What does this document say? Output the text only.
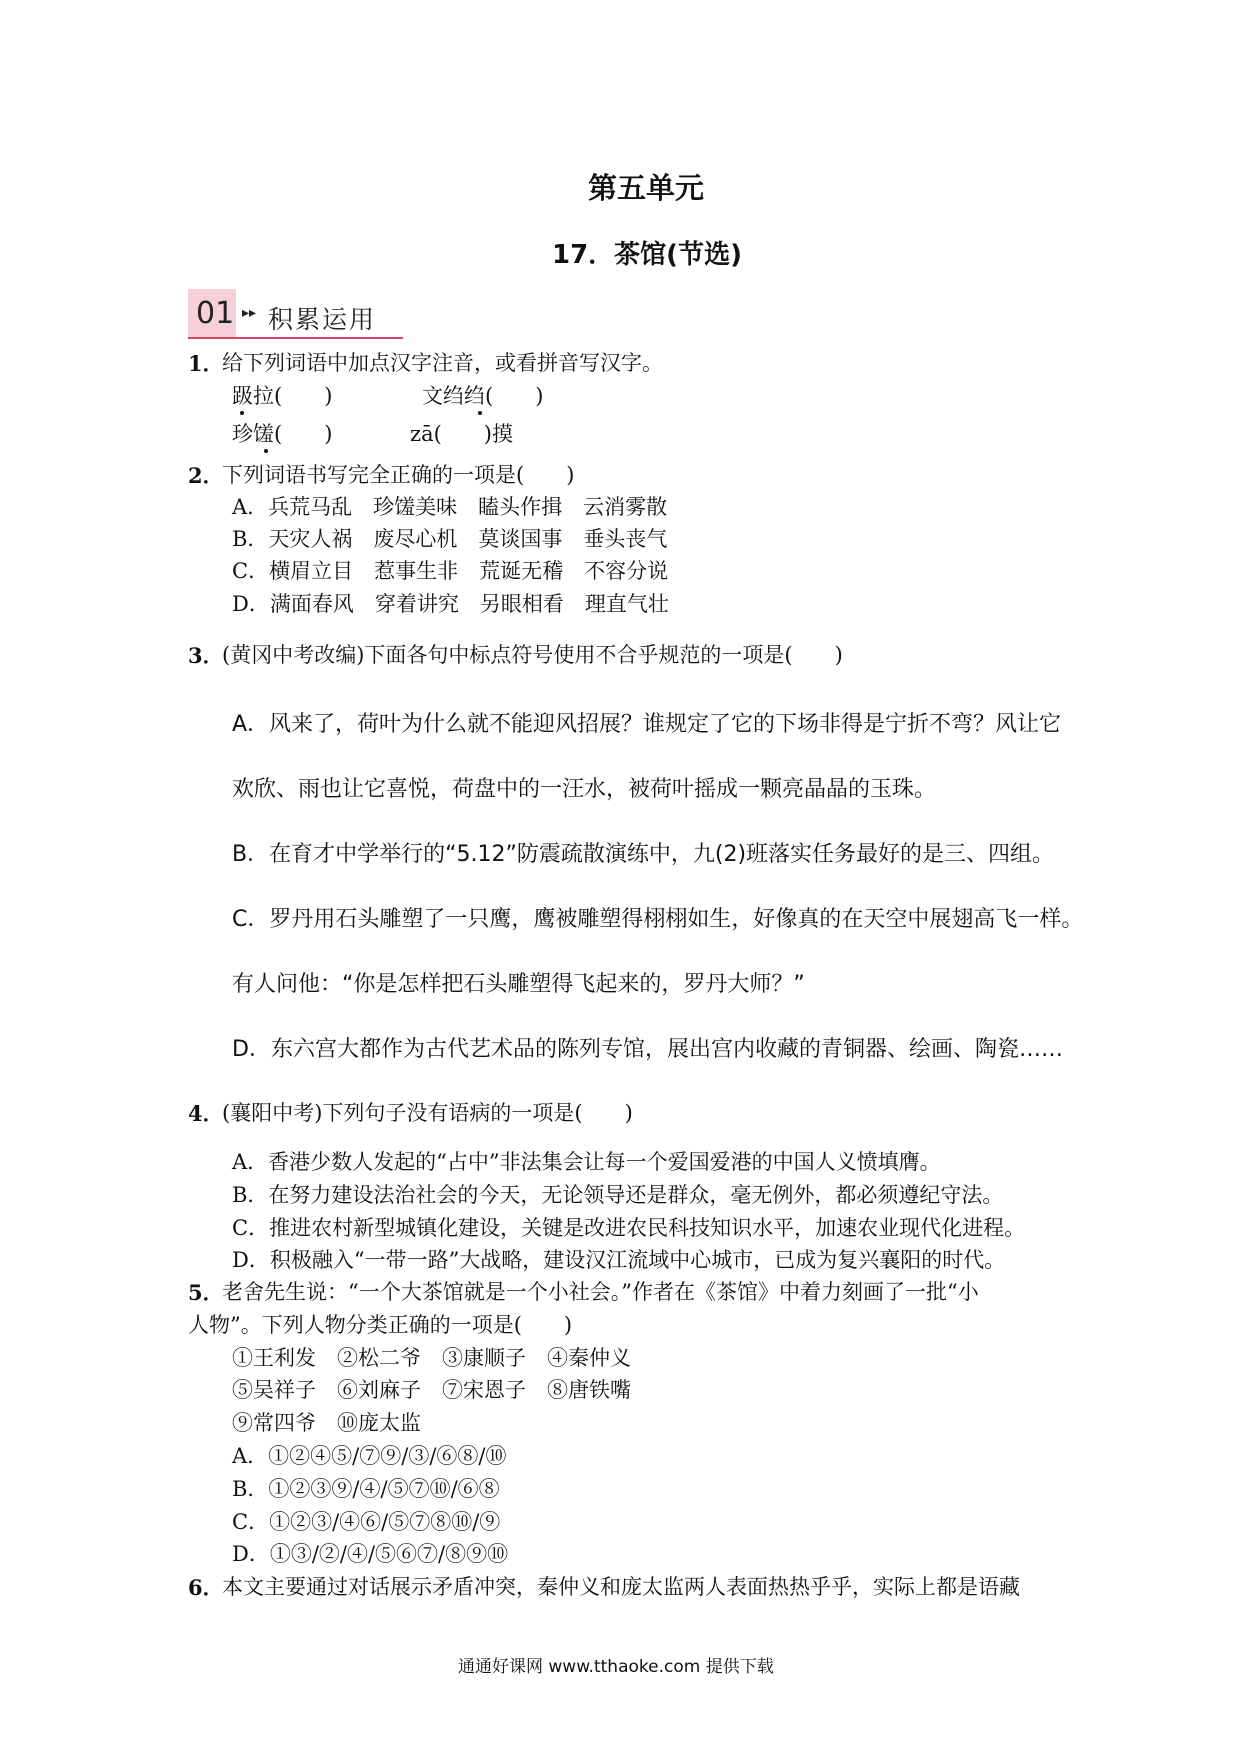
第五单元
17．茶馆(节选)
01 ▸▸ 积累运用
1．
给下列词语中加点汉字注音，或看拼音写汉字。
趿拉(　　)	文绉绉(　　)
珍馐(　　)	zā(　　)摸
2．
下列词语书写完全正确的一项是(　　)
A．兵荒马乱　珍馐美味　瞌头作揖　云消雾散
B．天灾人祸　废尽心机　莫谈国事　垂头丧气
C．横眉立目　惹事生非　荒诞无稽　不容分说
D．满面春风　穿着讲究　另眼相看　理直气壮
3．
(黄冈中考改编)下面各句中标点符号使用不合乎规范的一项是(　　)
A．风来了，荷叶为什么就不能迎风招展？谁规定了它的下场非得是宁折不弯？风让它
欢欣、雨也让它喜悦，荷盘中的一汪水，被荷叶摇成一颗亮晶晶的玉珠。
B．在育才中学举行的“5.12”防震疏散演练中，九(2)班落实任务最好的是三、四组。
C．罗丹用石头雕塑了一只鹰，鹰被雕塑得栩栩如生，好像真的在天空中展翅高飞一样。
有人问他：“你是怎样把石头雕塑得飞起来的，罗丹大师？”
D．东六宫大都作为古代艺术品的陈列专馆，展出宫内收藏的青铜器、绘画、陶瓷……
4．
(襄阳中考)下列句子没有语病的一项是(　　)
A．香港少数人发起的“占中”非法集会让每一个爱国爱港的中国人义愤填膺。
B．在努力建设法治社会的今天，无论领导还是群众，毫无例外，都必须遵纪守法。
C．推进农村新型城镇化建设，关键是改进农民科技知识水平，加速农业现代化进程。
D．积极融入“一带一路”大战略，建设汉江流域中心城市，已成为复兴襄阳的时代。
5．
老舍先生说：“一个大茶馆就是一个小社会。”作者在《茶馆》中着力刻画了一批“小
人物”。下列人物分类正确的一项是(　　)
①王利发　②松二爷　③康顺子　④秦仲义
⑤吴祥子　⑥刘麻子　⑦宋恩子　⑧唐铁嘴
⑨常四爷　⑩庞太监
A．①②④⑤/⑦⑨/③/⑥⑧/⑩
B．①②③⑨/④/⑤⑦⑩/⑥⑧
C．①②③/④⑥/⑤⑦⑧⑩/⑨
D．①③/②/④/⑤⑥⑦/⑧⑨⑩
6．
本文主要通过对话展示矛盾冲突，秦仲义和庞太监两人表面热热乎乎，实际上都是语藏
通通好课网 www.tthaoke.com 提供下载
